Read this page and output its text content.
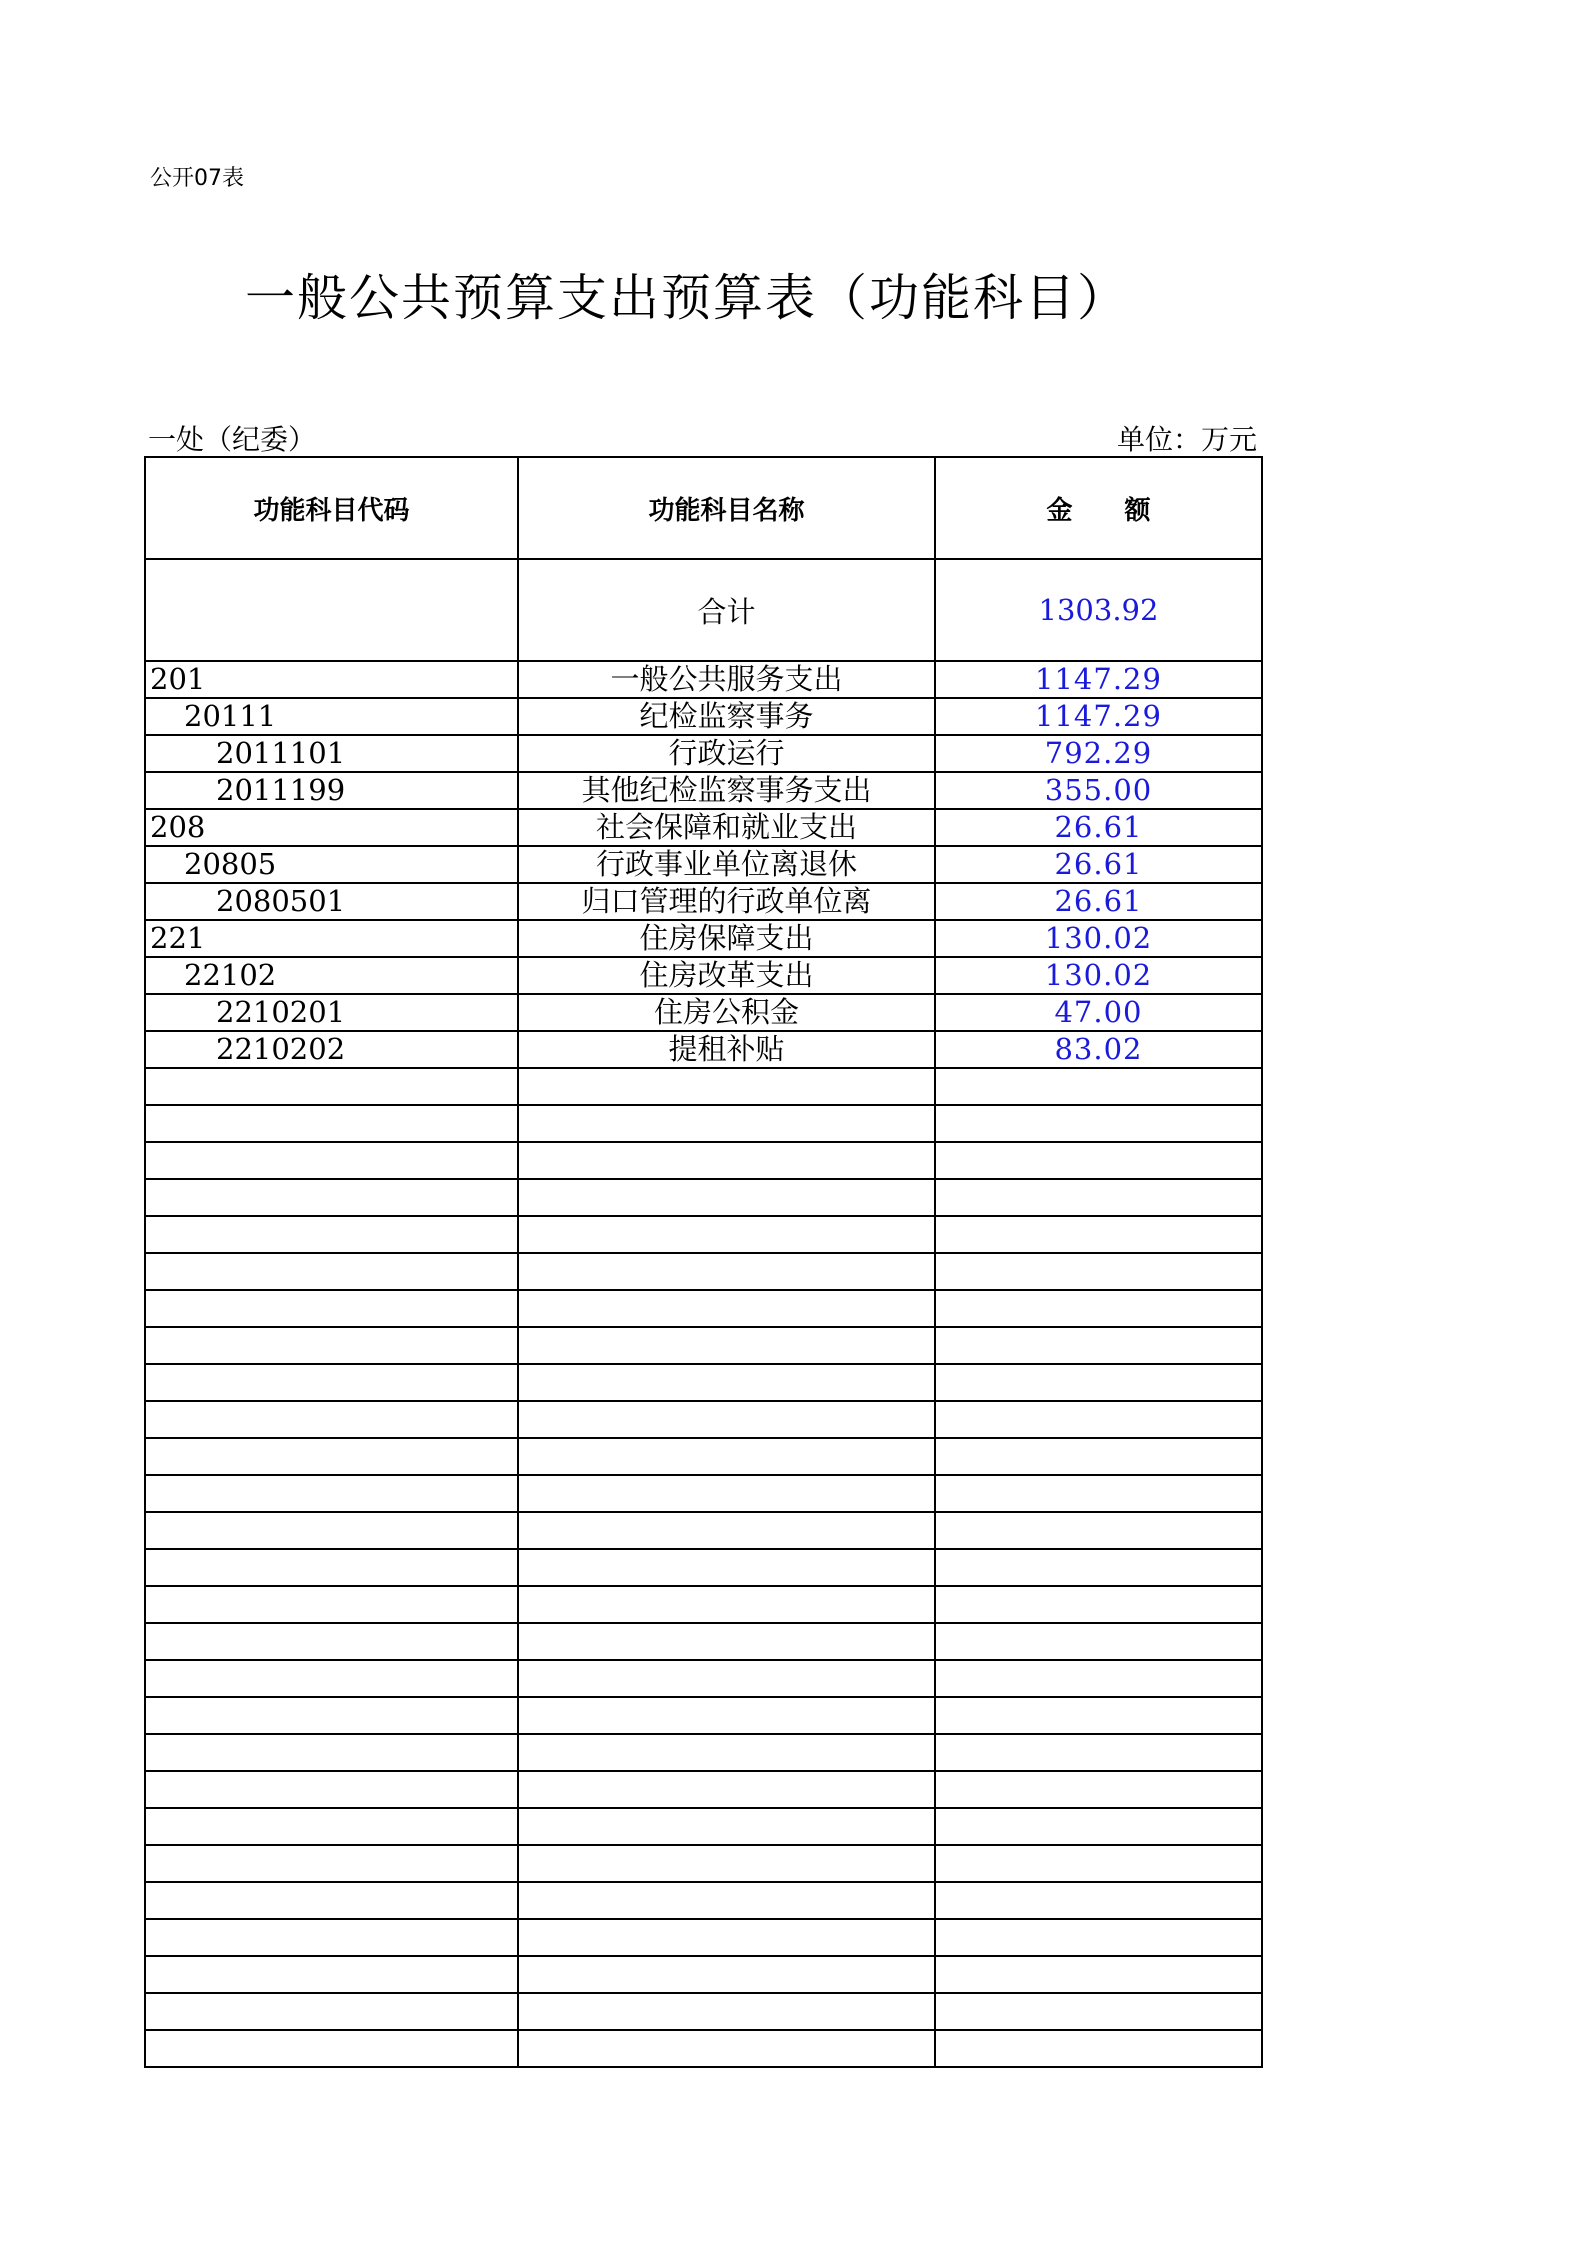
公开07表
一般公共预算支出预算表（功能科目）
一处（纪委）	单位：万元
功能科目代码	功能科目名称	金　　额
	合计	1303.92
201	一般公共服务支出	1147.29
20111	纪检监察事务	1147.29
2011101	行政运行	792.29
2011199	其他纪检监察事务支出	355.00
208	社会保障和就业支出	26.61
20805	行政事业单位离退休	26.61
2080501	归口管理的行政单位离	26.61
221	住房保障支出	130.02
22102	住房改革支出	130.02
2210201	住房公积金	47.00
2210202	提租补贴	83.02
